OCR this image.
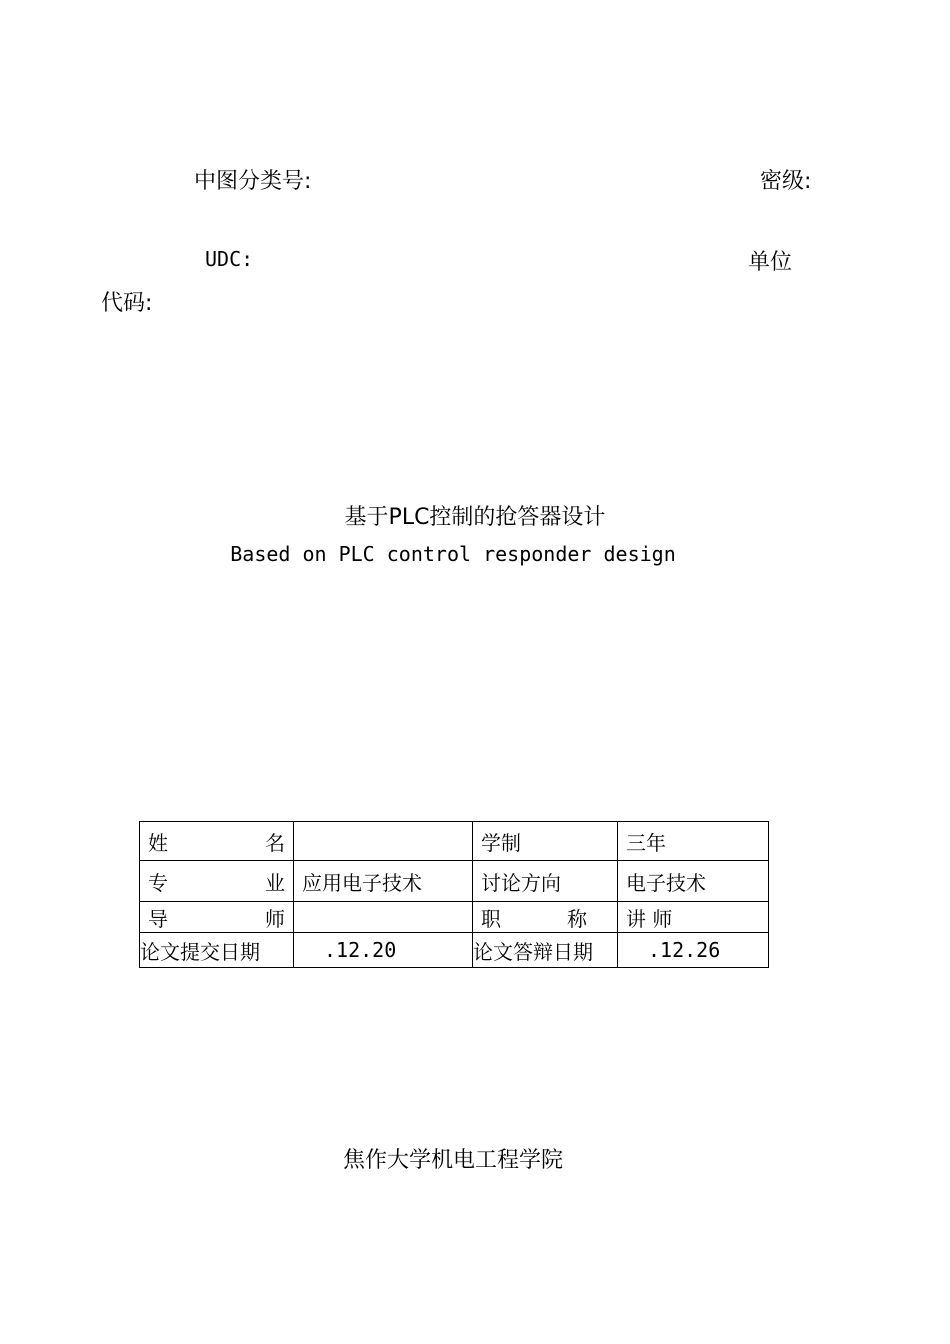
中图分类号:	密级:
UDC:	单位
代码:
基于PLC控制的抢答器设计
Based on PLC control responder design
姓 名		学制	三年

专 业	应用电子技术	讨论方向	电子技术

导 师		职 称	讲 师
论文提交日期	.12.20	论文答辩日期	.12.26
焦作大学机电工程学院
